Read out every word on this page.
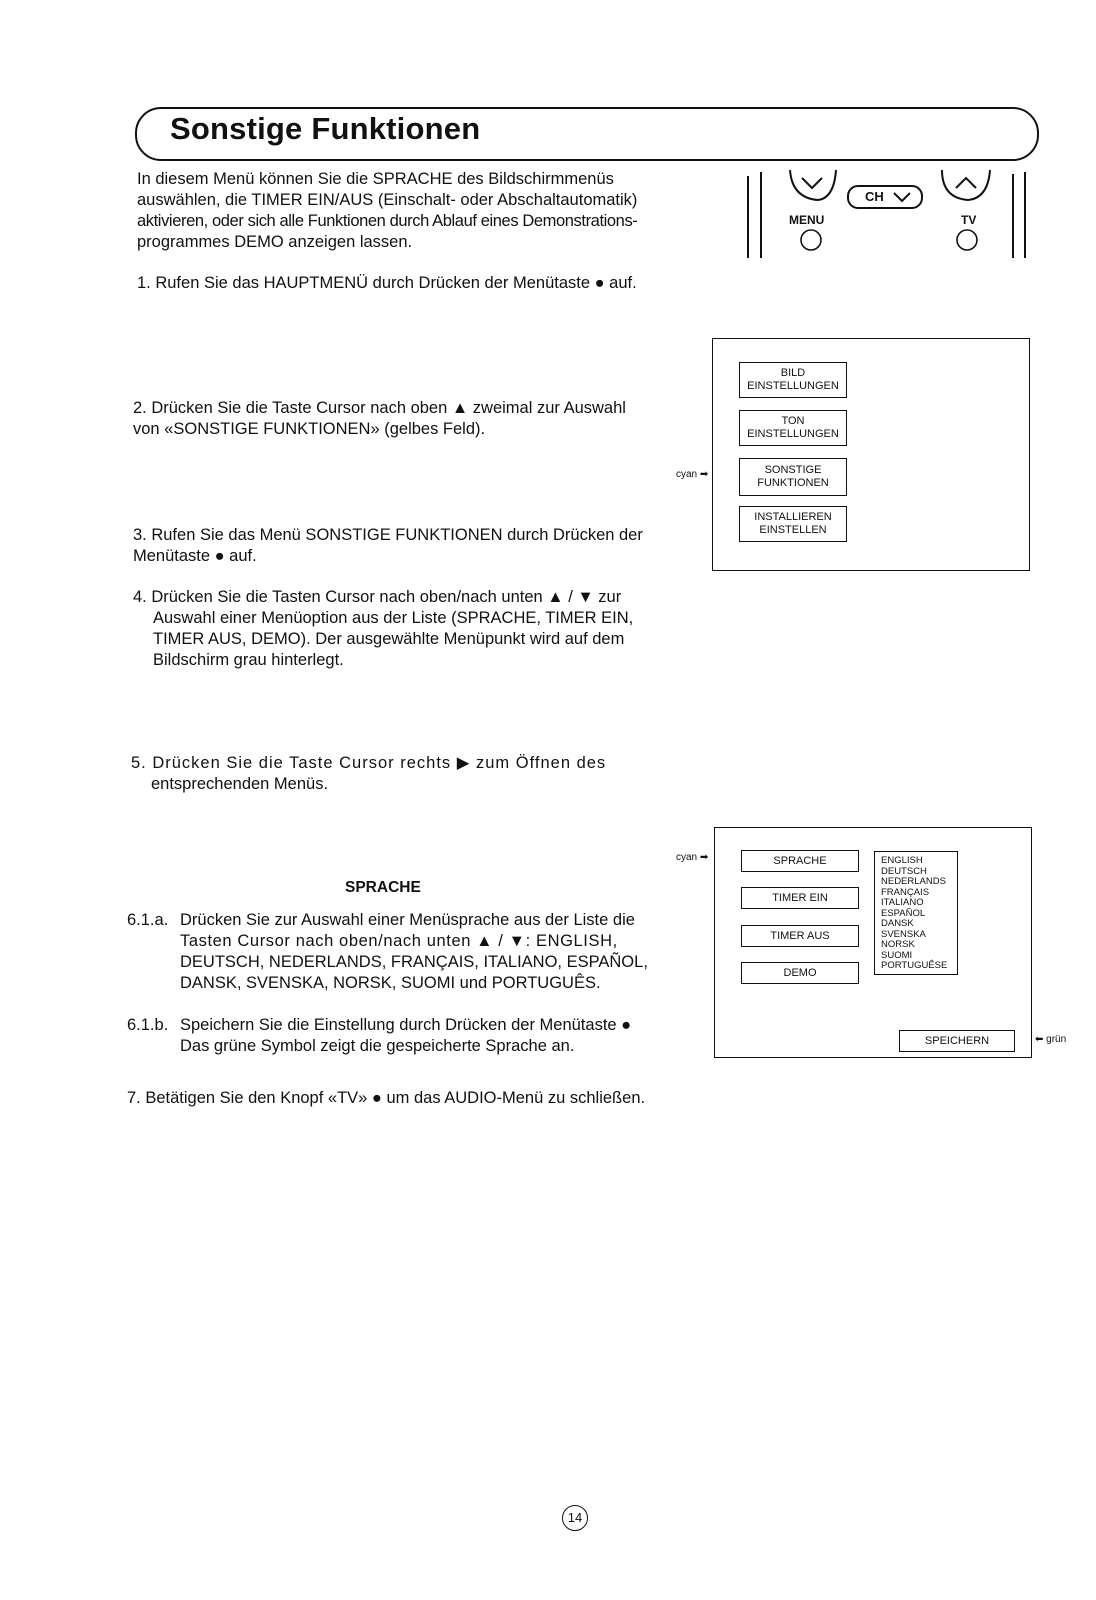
Sonstige Funktionen
In diesem Menü können Sie die SPRACHE des Bildschirmmenüs
auswählen, die TIMER EIN/AUS (Einschalt- oder Abschaltautomatik)
aktivieren, oder sich alle Funktionen durch Ablauf eines Demonstrations-
programmes DEMO anzeigen lassen.
CH
MENU	TV
1. Rufen Sie das HAUPTMENÜ durch Drücken der Menütaste ● auf.
2. Drücken Sie die Taste Cursor nach oben ▲ zweimal zur Auswahl
von «SONSTIGE FUNKTIONEN» (gelbes Feld).
BILD
EINSTELLUNGEN
TON
EINSTELLUNGEN
SONSTIGE
FUNKTIONEN
INSTALLIEREN
EINSTELLEN
cyan ➡
3. Rufen Sie das Menü SONSTIGE FUNKTIONEN durch Drücken der
Menütaste ● auf.
4. Drücken Sie die Tasten Cursor nach oben/nach unten ▲ / ▼ zur
Auswahl einer Menüoption aus der Liste (SPRACHE, TIMER EIN,
TIMER AUS, DEMO). Der ausgewählte Menüpunkt wird auf dem
Bildschirm grau hinterlegt.
5. Drücken Sie die Taste Cursor rechts ▶ zum Öffnen des
entsprechenden Menüs.
SPRACHE
6.1.a. Drücken Sie zur Auswahl einer Menüsprache aus der Liste die
Tasten Cursor nach oben/nach unten ▲ / ▼: ENGLISH,
DEUTSCH, NEDERLANDS, FRANÇAIS, ITALIANO, ESPAÑOL,
DANSK, SVENSKA, NORSK, SUOMI und PORTUGUÊS.
6.1.b. Speichern Sie die Einstellung durch Drücken der Menütaste ●
Das grüne Symbol zeigt die gespeicherte Sprache an.
SPRACHE
TIMER EIN
TIMER AUS
DEMO
ENGLISH
DEUTSCH
NEDERLANDS
FRANÇAIS
ITALIANO
ESPAÑOL
DANSK
SVENSKA
NORSK
SUOMI
PORTUGUÊSE
SPEICHERN
cyan ➡
⬅ grün
7. Betätigen Sie den Knopf «TV» ● um das AUDIO-Menü zu schließen.
14
